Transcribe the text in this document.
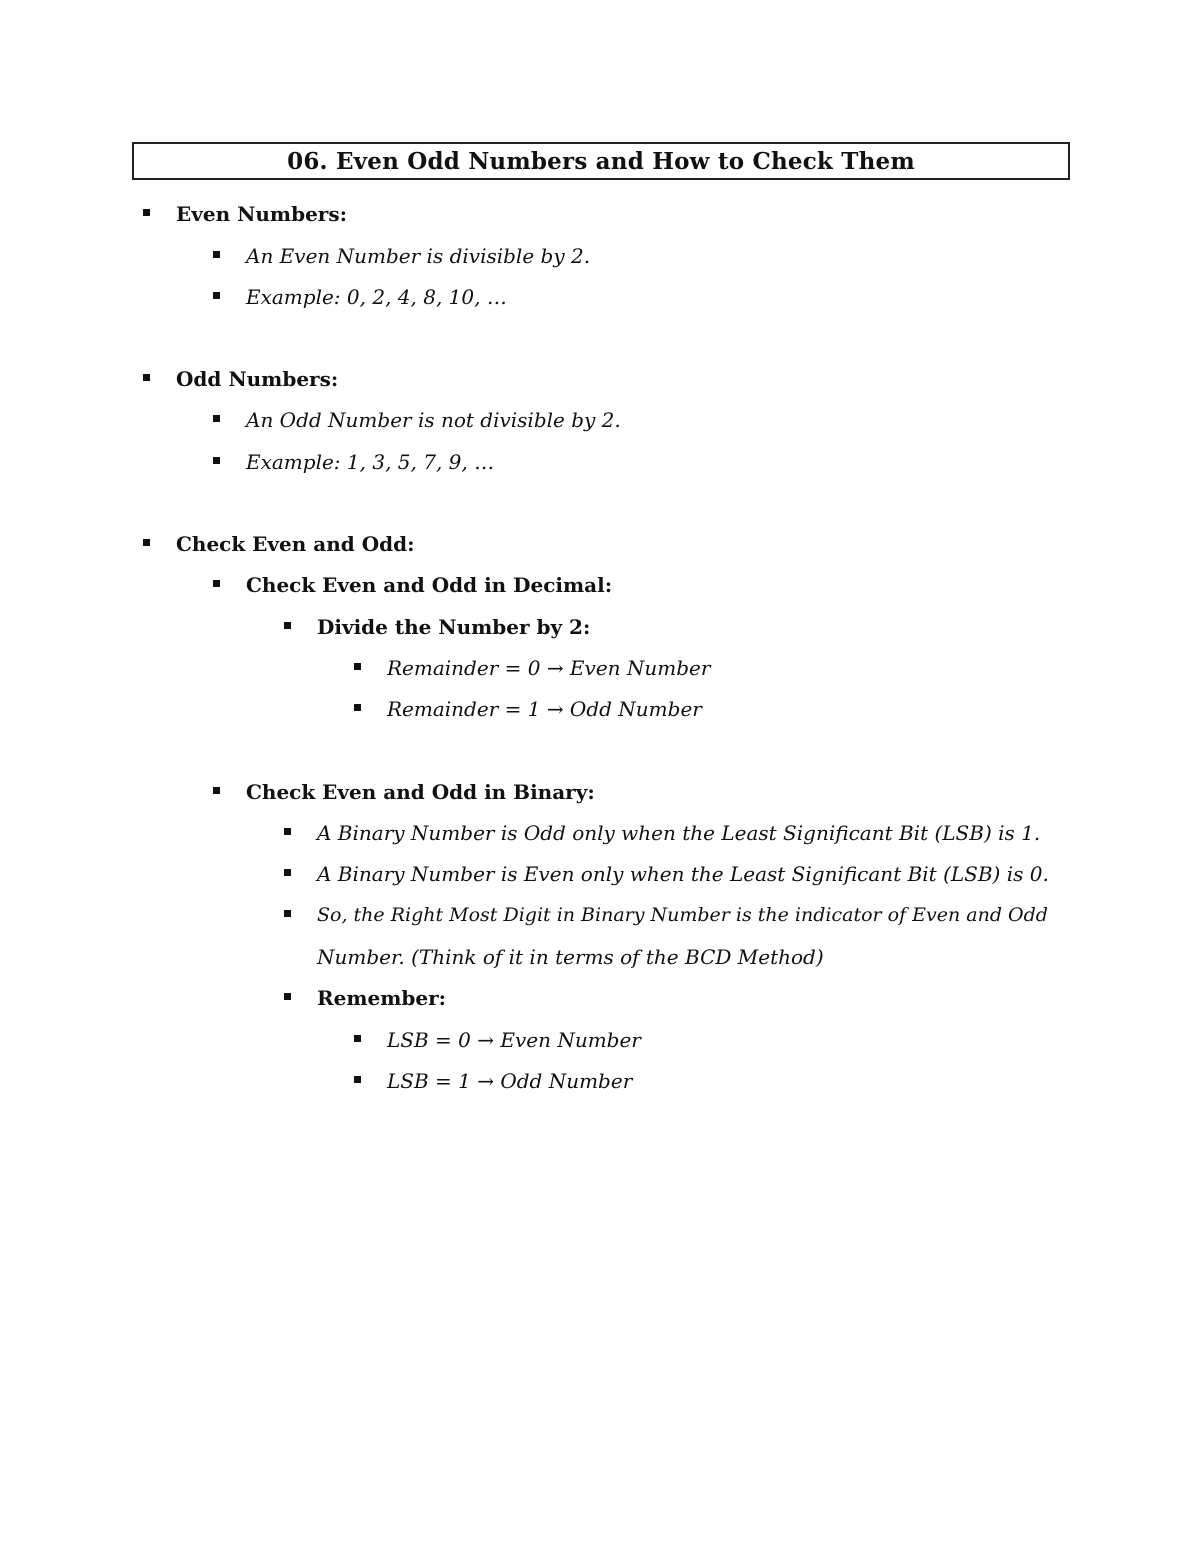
06. Even Odd Numbers and How to Check Them
Even Numbers:
An Even Number is divisible by 2.
Example: 0, 2, 4, 8, 10, …
Odd Numbers:
An Odd Number is not divisible by 2.
Example: 1, 3, 5, 7, 9, …
Check Even and Odd:
Check Even and Odd in Decimal:
Divide the Number by 2:
Remainder = 0 → Even Number
Remainder = 1 → Odd Number
Check Even and Odd in Binary:
A Binary Number is Odd only when the Least Significant Bit (LSB) is 1.
A Binary Number is Even only when the Least Significant Bit (LSB) is 0.
So, the Right Most Digit in Binary Number is the indicator of Even and Odd
Number. (Think of it in terms of the BCD Method)
Remember:
LSB = 0 → Even Number
LSB = 1 → Odd Number
